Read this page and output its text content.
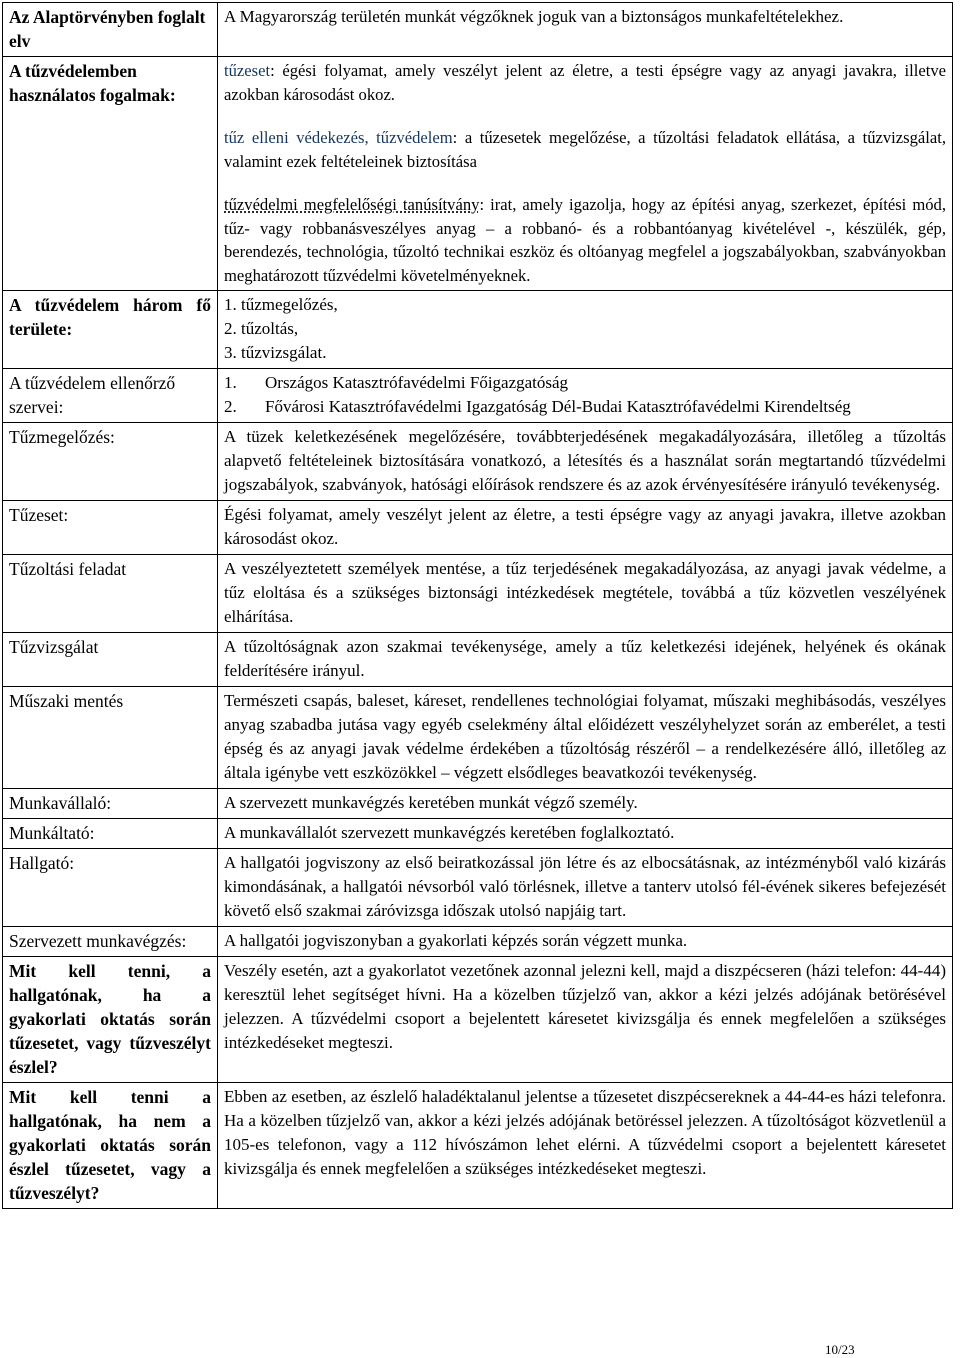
Az Alaptörvényben foglalt elv	A Magyarország területén munkát végzőknek joguk van a biztonságos munkafeltételekhez.
A tűzvédelemben használatos fogalmak:	tűzeset: égési folyamat, amely veszélyt jelent az életre, a testi épségre vagy az anyagi javakra, illetve azokban károsodást okoz.
tűz elleni védekezés, tűzvédelem: a tűzesetek megelőzése, a tűzoltási feladatok ellátása, a tűzvizsgálat, valamint ezek feltételeinek biztosítása
tűzvédelmi megfelelőségi tanúsítvány: irat, amely igazolja, hogy az építési anyag, szerkezet, építési mód, tűz- vagy robbanásveszélyes anyag – a robbanó- és a robbantóanyag kivételével -, készülék, gép, berendezés, technológia, tűzoltó technikai eszköz és oltóanyag megfelel a jogszabályokban, szabványokban meghatározott tűzvédelmi követelményeknek.

A tűzvédelem három fő területe:	1. tűzmegelőzés,
2. tűzoltás,
3. tűzvizsgálat.

A tűzvédelem ellenőrző szervei:	1. Országos Katasztrófavédelmi Főigazgatóság
2. Fővárosi Katasztrófavédelmi Igazgatóság Dél-Budai Katasztrófavédelmi Kirendeltség

Tűzmegelőzés:	A tüzek keletkezésének megelőzésére, továbbterjedésének megakadályozására, illetőleg a tűzoltás alapvető feltételeinek biztosítására vonatkozó, a létesítés és a használat során megtartandó tűzvédelmi jogszabályok, szabványok, hatósági előírások rendszere és az azok érvényesítésére irányuló tevékenység.
Tűzeset:	Égési folyamat, amely veszélyt jelent az életre, a testi épségre vagy az anyagi javakra, illetve azokban károsodást okoz.
Tűzoltási feladat	A veszélyeztetett személyek mentése, a tűz terjedésének megakadályozása, az anyagi javak védelme, a tűz eloltása és a szükséges biztonsági intézkedések megtétele, továbbá a tűz közvetlen veszélyének elhárítása.
Tűzvizsgálat	A tűzoltóságnak azon szakmai tevékenysége, amely a tűz keletkezési idejének, helyének és okának felderítésére irányul.
Műszaki mentés	Természeti csapás, baleset, káreset, rendellenes technológiai folyamat, műszaki meghibásodás, veszélyes anyag szabadba jutása vagy egyéb cselekmény által előidézett veszélyhelyzet során az emberélet, a testi épség és az anyagi javak védelme érdekében a tűzoltóság részéről – a rendelkezésére álló, illetőleg az általa igénybe vett eszközökkel – végzett elsődleges beavatkozói tevékenység.
Munkavállaló:	A szervezett munkavégzés keretében munkát végző személy.
Munkáltató:	A munkavállalót szervezett munkavégzés keretében foglalkoztató.
Hallgató:	A hallgatói jogviszony az első beiratkozással jön létre és az elbocsátásnak, az intézményből való kizárás kimondásának, a hallgatói névsorból való törlésnek, illetve a tanterv utolsó fél-évének sikeres befejezését követő első szakmai záróvizsga időszak utolsó napjáig tart.
Szervezett munkavégzés:	A hallgatói jogviszonyban a gyakorlati képzés során végzett munka.
Mit kell tenni, a hallgatónak, ha a gyakorlati oktatás során tűzesetet, vagy tűzveszélyt észlel?	Veszély esetén, azt a gyakorlatot vezetőnek azonnal jelezni kell, majd a diszpécseren (házi telefon: 44-44) keresztül lehet segítséget hívni. Ha a közelben tűzjelző van, akkor a kézi jelzés adójának betörésével jelezzen. A tűzvédelmi csoport a bejelentett káresetet kivizsgálja és ennek megfelelően a szükséges intézkedéseket megteszi.
Mit kell tenni a hallgatónak, ha nem a gyakorlati oktatás során észlel tűzesetet, vagy a tűzveszélyt?	Ebben az esetben, az észlelő haladéktalanul jelentse a tűzesetet diszpécsereknek a 44-44-es házi telefonra. Ha a közelben tűzjelző van, akkor a kézi jelzés adójának betöréssel jelezzen. A tűzoltóságot közvetlenül a 105-es telefonon, vagy a 112 hívószámon lehet elérni. A tűzvédelmi csoport a bejelentett káresetet kivizsgálja és ennek megfelelően a szükséges intézkedéseket megteszi.
10/23
